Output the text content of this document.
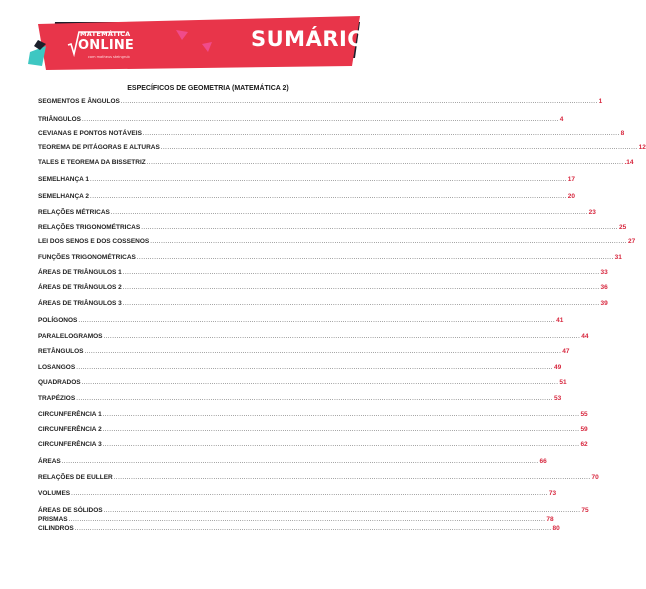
MATEMÁTICA
ONLINE
com matheus steingrub
SUMÁRIO
ESPECÍFICOS DE GEOMETRIA (MATEMÁTICA 2)
SEGMENTOS E ÂNGULOS ............................................................................................................................................................................................................................ 1
TRIÂNGULOS ............................................................................................................................................................................................................................ 4
CEVIANAS E PONTOS NOTÁVEIS ............................................................................................................................................................................................................................ 8
TEOREMA DE PITÁGORAS E ALTURAS ............................................................................................................................................................................................................................ 12
TALES E TEOREMA DA BISSETRIZ ............................................................................................................................................................................................................................ .14
SEMELHANÇA 1 ............................................................................................................................................................................................................................ 17
SEMELHANÇA 2 ............................................................................................................................................................................................................................ 20
RELAÇÕES MÉTRICAS ............................................................................................................................................................................................................................ 23
RELAÇÕES TRIGONOMÉTRICAS ............................................................................................................................................................................................................................ 25
LEI DOS SENOS E DOS COSSENOS ............................................................................................................................................................................................................................ 27
FUNÇÕES TRIGONOMÉTRICAS ............................................................................................................................................................................................................................ 31
ÁREAS DE TRIÂNGULOS 1 ............................................................................................................................................................................................................................ 33
ÁREAS DE TRIÂNGULOS 2 ............................................................................................................................................................................................................................ 36
ÁREAS DE TRIÂNGULOS 3 ............................................................................................................................................................................................................................ 39
POLÍGONOS ............................................................................................................................................................................................................................ 41
PARALELOGRAMOS ............................................................................................................................................................................................................................ 44
RETÂNGULOS ............................................................................................................................................................................................................................ 47
LOSANGOS ............................................................................................................................................................................................................................ 49
QUADRADOS ............................................................................................................................................................................................................................ 51
TRAPÉZIOS ............................................................................................................................................................................................................................ 53
CIRCUNFERÊNCIA 1 ............................................................................................................................................................................................................................ 55
CIRCUNFERÊNCIA 2 ............................................................................................................................................................................................................................ 59
CIRCUNFERÊNCIA 3 ............................................................................................................................................................................................................................ 62
ÁREAS ............................................................................................................................................................................................................................ 66
RELAÇÕES DE EULLER ............................................................................................................................................................................................................................ 70
VOLUMES ............................................................................................................................................................................................................................ 73
ÁREAS DE SÓLIDOS ............................................................................................................................................................................................................................ 75
PRISMAS ............................................................................................................................................................................................................................ 78
CILINDROS ............................................................................................................................................................................................................................ 80
